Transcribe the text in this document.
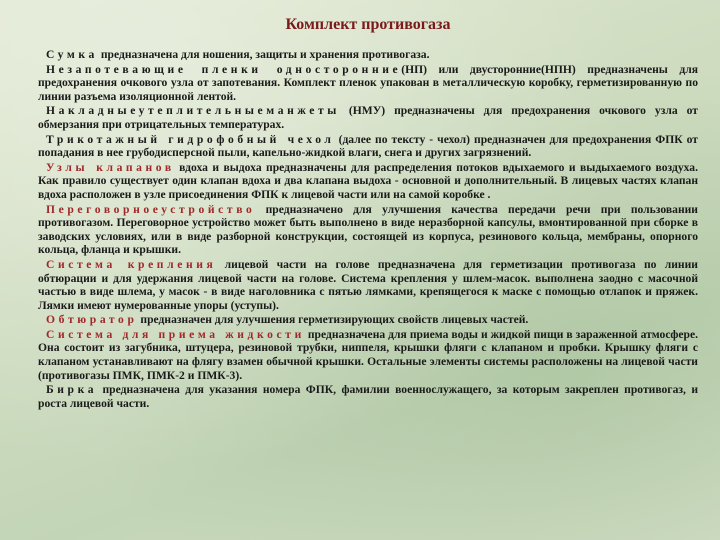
Комплект противогаза

Сумка предназначена для ношения, защиты и хранения противогаза.

Незапотевающие пленки односторонние(НП) или двусторонние(НПН) предназначены для предохранения очкового узла от запотевания. Комплект пленок упакован в металлическую коробку, герметизированную по линии разъема изоляционной лентой.

Накладныеутеплительныеманжеты (НМУ) предназначены для предохранения очкового узла от обмерзания при отрицательных температурах.

Трикотажный гидрофобный чехол (далее по тексту - чехол) предназначен для предохранения ФПК от попадания в нее грубодисперсной пыли, капельно-жидкой влаги, снега и других загрязнений.

Узлы клапанов вдоха и выдоха предназначены для распределения потоков вдыхаемого и выдыхаемого воздуха. Как правило существует один клапан вдоха и два клапана выдоха - основной и дополнительный. В лицевых частях клапан вдоха расположен в узле присоединения ФПК к лицевой части или на самой коробке .

Переговорноеустройство предназначено для улучшения качества передачи речи при пользовании противогазом. Переговорное устройство может быть выполнено в виде неразборной капсулы, вмонтированной при сборке в заводских условиях, или в виде разборной конструкции, состоящей из корпуса, резинового кольца, мембраны, опорного кольца, фланца и крышки.

Система крепления лицевой части на голове предназначена для герметизации противогаза по линии обтюрации и для удержания лицевой части на голове. Система крепления у шлем-масок. выполнена заодно с масочной частью в виде шлема, у масок - в виде наголовника с пятью лямками, крепящегося к маске с помощью отлапок и пряжек. Лямки имеют нумерованные упоры (уступы).

Обтюратор предназначен для улучшения герметизирующих свойств лицевых частей.

Система для приема жидкости предназначена для приема воды и жидкой пищи в зараженной атмосфере. Она состоит из загубника, штуцера, резиновой трубки, ниппеля, крышки фляги с клапаном и пробки. Крышку фляги с клапаном устанавливают на флягу взамен обычной крышки. Остальные элементы системы расположены на лицевой части (противогазы ПМК, ПМК-2 и ПМК-3).

Бирка предназначена для указания номера ФПК, фамилии военнослужащего, за которым закреплен противогаз, и роста лицевой части.
